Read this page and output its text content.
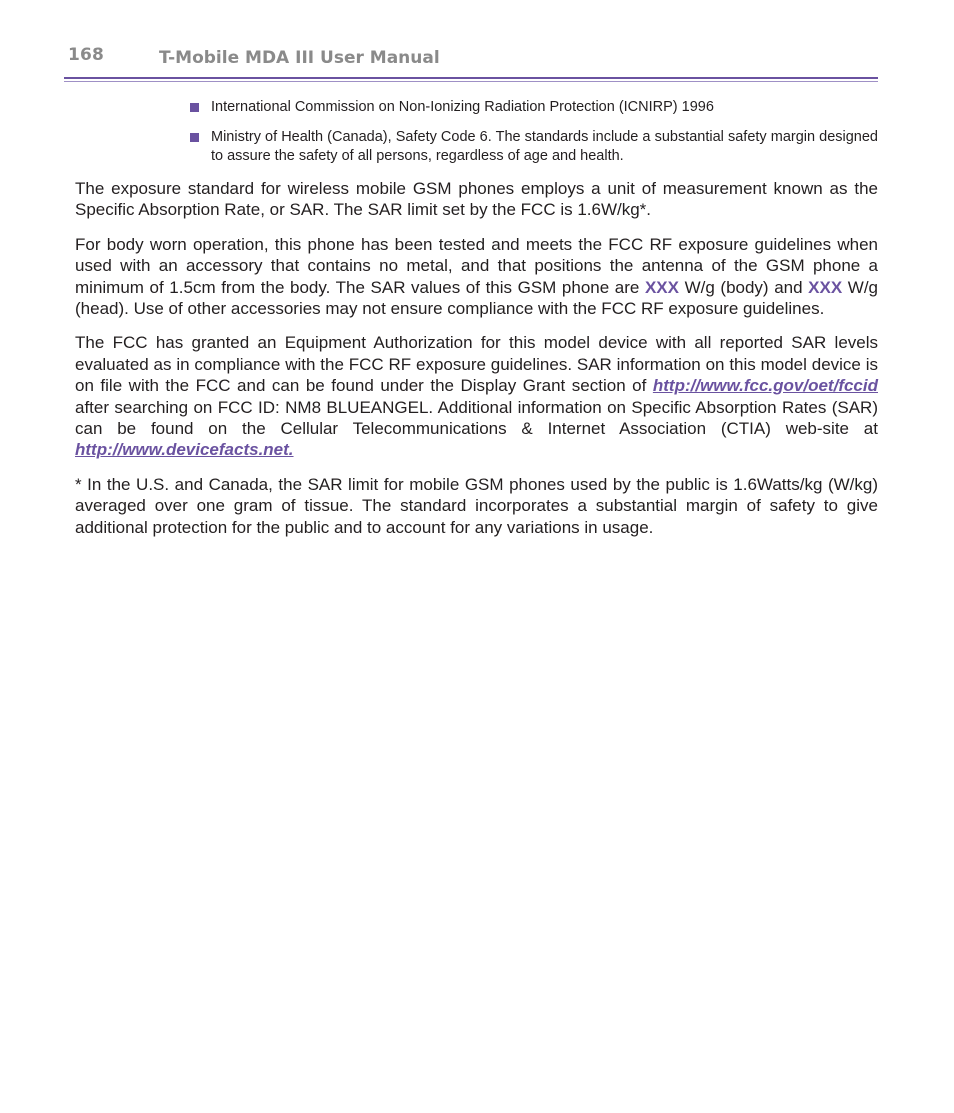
168	T-Mobile MDA III User Manual
International Commission on Non-Ionizing Radiation Protection (ICNIRP) 1996
Ministry of Health (Canada), Safety Code 6. The standards include a substantial safety margin designed to assure the safety of all persons, regardless of age and health.

The exposure standard for wireless mobile GSM phones employs a unit of measurement known as the Specific Absorption Rate, or SAR. The SAR limit set by the FCC is 1.6W/kg*.

For body worn operation, this phone has been tested and meets the FCC RF exposure guidelines when used with an accessory that contains no metal, and that positions the antenna of the GSM phone a minimum of 1.5cm from the body. The SAR values of this GSM phone are XXX W/g (body) and XXX W/g (head). Use of other accessories may not ensure compliance with the FCC RF exposure guidelines.

The FCC has granted an Equipment Authorization for this model device with all reported SAR levels evaluated as in compliance with the FCC RF exposure guidelines. SAR information on this model device is on file with the FCC and can be found under the Display Grant section of http://www.fcc.gov/oet/fccid after searching on FCC ID: NM8 BLUEANGEL. Additional information on Specific Absorption Rates (SAR) can be found on the Cellular Telecommunications & Internet Association (CTIA) web-site at http://www.devicefacts.net.

* In the U.S. and Canada, the SAR limit for mobile GSM phones used by the public is 1.6Watts/kg (W/kg) averaged over one gram of tissue. The standard incorporates a substantial margin of safety to give additional protection for the public and to account for any variations in usage.
